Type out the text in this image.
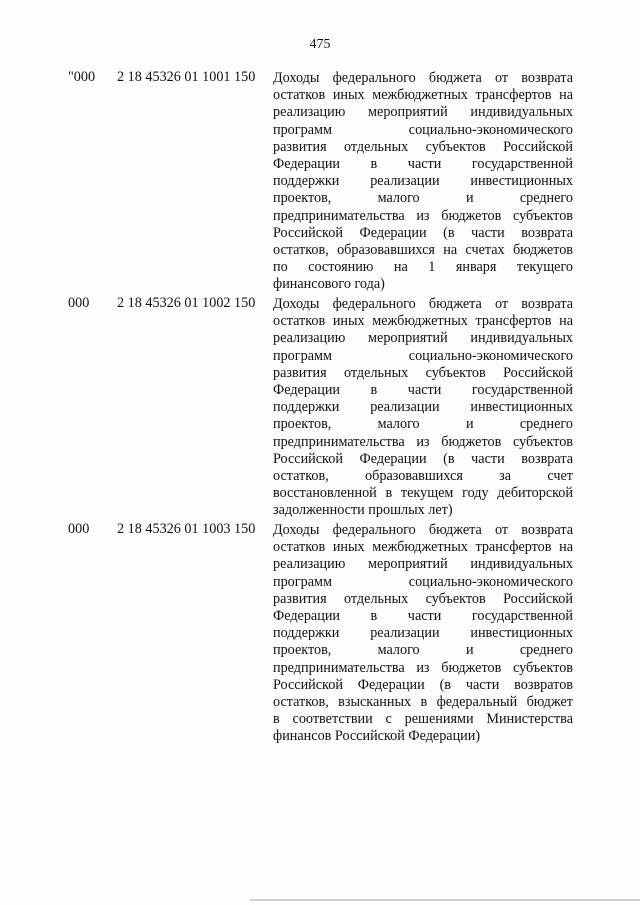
475
"000 2 18 45326 01 1001 150 Доходы федерального бюджета от возврата
остатков иных межбюджетных трансфертов на
реализацию мероприятий индивидуальных
программ социально-экономического
развития отдельных субъектов Российской
Федерации в части государственной
поддержки реализации инвестиционных
проектов, малого и среднего
предпринимательства из бюджетов субъектов
Российской Федерации (в части возврата
остатков, образовавшихся на счетах бюджетов
по состоянию на 1 января текущего
финансового года)
000 2 18 45326 01 1002 150 Доходы федерального бюджета от возврата
остатков иных межбюджетных трансфертов на
реализацию мероприятий индивидуальных
программ социально-экономического
развития отдельных субъектов Российской
Федерации в части государственной
поддержки реализации инвестиционных
проектов, малого и среднего
предпринимательства из бюджетов субъектов
Российской Федерации (в части возврата
остатков, образовавшихся за счет
восстановленной в текущем году дебиторской
задолженности прошлых лет)
000 2 18 45326 01 1003 150 Доходы федерального бюджета от возврата
остатков иных межбюджетных трансфертов на
реализацию мероприятий индивидуальных
программ социально-экономического
развития отдельных субъектов Российской
Федерации в части государственной
поддержки реализации инвестиционных
проектов, малого и среднего
предпринимательства из бюджетов субъектов
Российской Федерации (в части возвратов
остатков, взысканных в федеральный бюджет
в соответствии с решениями Министерства
финансов Российской Федерации)
